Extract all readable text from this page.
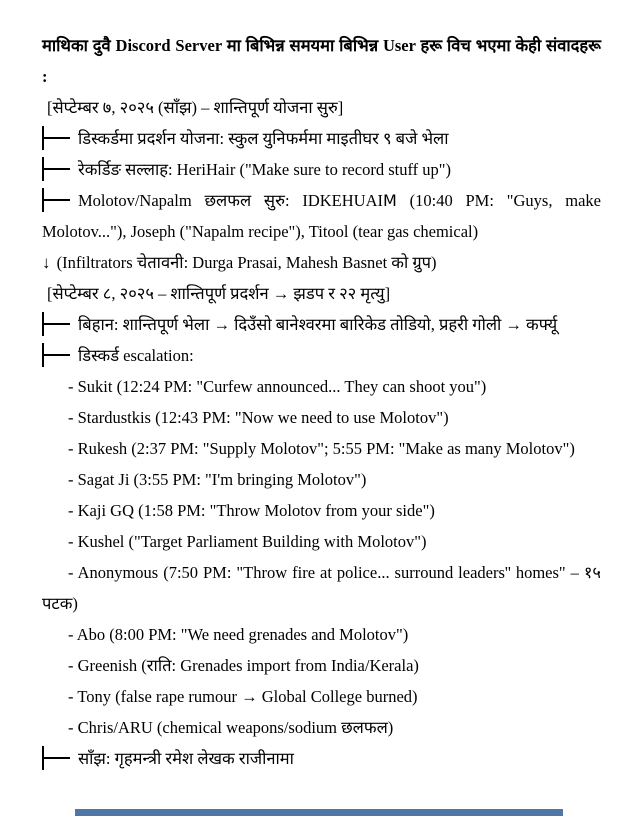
माथिका दुवै Discord Server मा बिभिन्न समयमा बिभिन्न User हरू विच भएमा केही संवादहरू :

[सेप्टेम्बर ७, २०२५ (साँझ) – शान्तिपूर्ण योजना सुरु]

डिस्कर्डमा प्रदर्शन योजना: स्कुल युनिफर्ममा माइतीघर ९ बजे भेला

रेकर्डिङ सल्लाह: HeriHair ("Make sure to record stuff up")

Molotov/Napalm छलफल सुरु: IDKEHUAIM (10:40 PM: "Guys, make Molotov..."), Joseph ("Napalm recipe"), Titool (tear gas chemical)

↓ (Infiltrators चेतावनी: Durga Prasai, Mahesh Basnet को ग्रुप)

[सेप्टेम्बर ८, २०२५ – शान्तिपूर्ण प्रदर्शन → झडप र २२ मृत्यु]

बिहान: शान्तिपूर्ण भेला → दिउँसो बानेश्वरमा बारिकेड तोडियो, प्रहरी गोली → कर्फ्यू

डिस्कर्ड escalation:

- Sukit (12:24 PM: "Curfew announced... They can shoot you")

- Stardustkis (12:43 PM: "Now we need to use Molotov")

- Rukesh (2:37 PM: "Supply Molotov"; 5:55 PM: "Make as many Molotov")

- Sagat Ji (3:55 PM: "I'm bringing Molotov")

- Kaji GQ (1:58 PM: "Throw Molotov from your side")

- Kushel ("Target Parliament Building with Molotov")

- Anonymous (7:50 PM: "Throw fire at police... surround leaders'' homes" – १५ पटक)

- Abo (8:00 PM: "We need grenades and Molotov")

- Greenish (राति: Grenades import from India/Kerala)

- Tony (false rape rumour → Global College burned)

- Chris/ARU (chemical weapons/sodium छलफल)

साँझ: गृहमन्त्री रमेश लेखक राजीनामा
